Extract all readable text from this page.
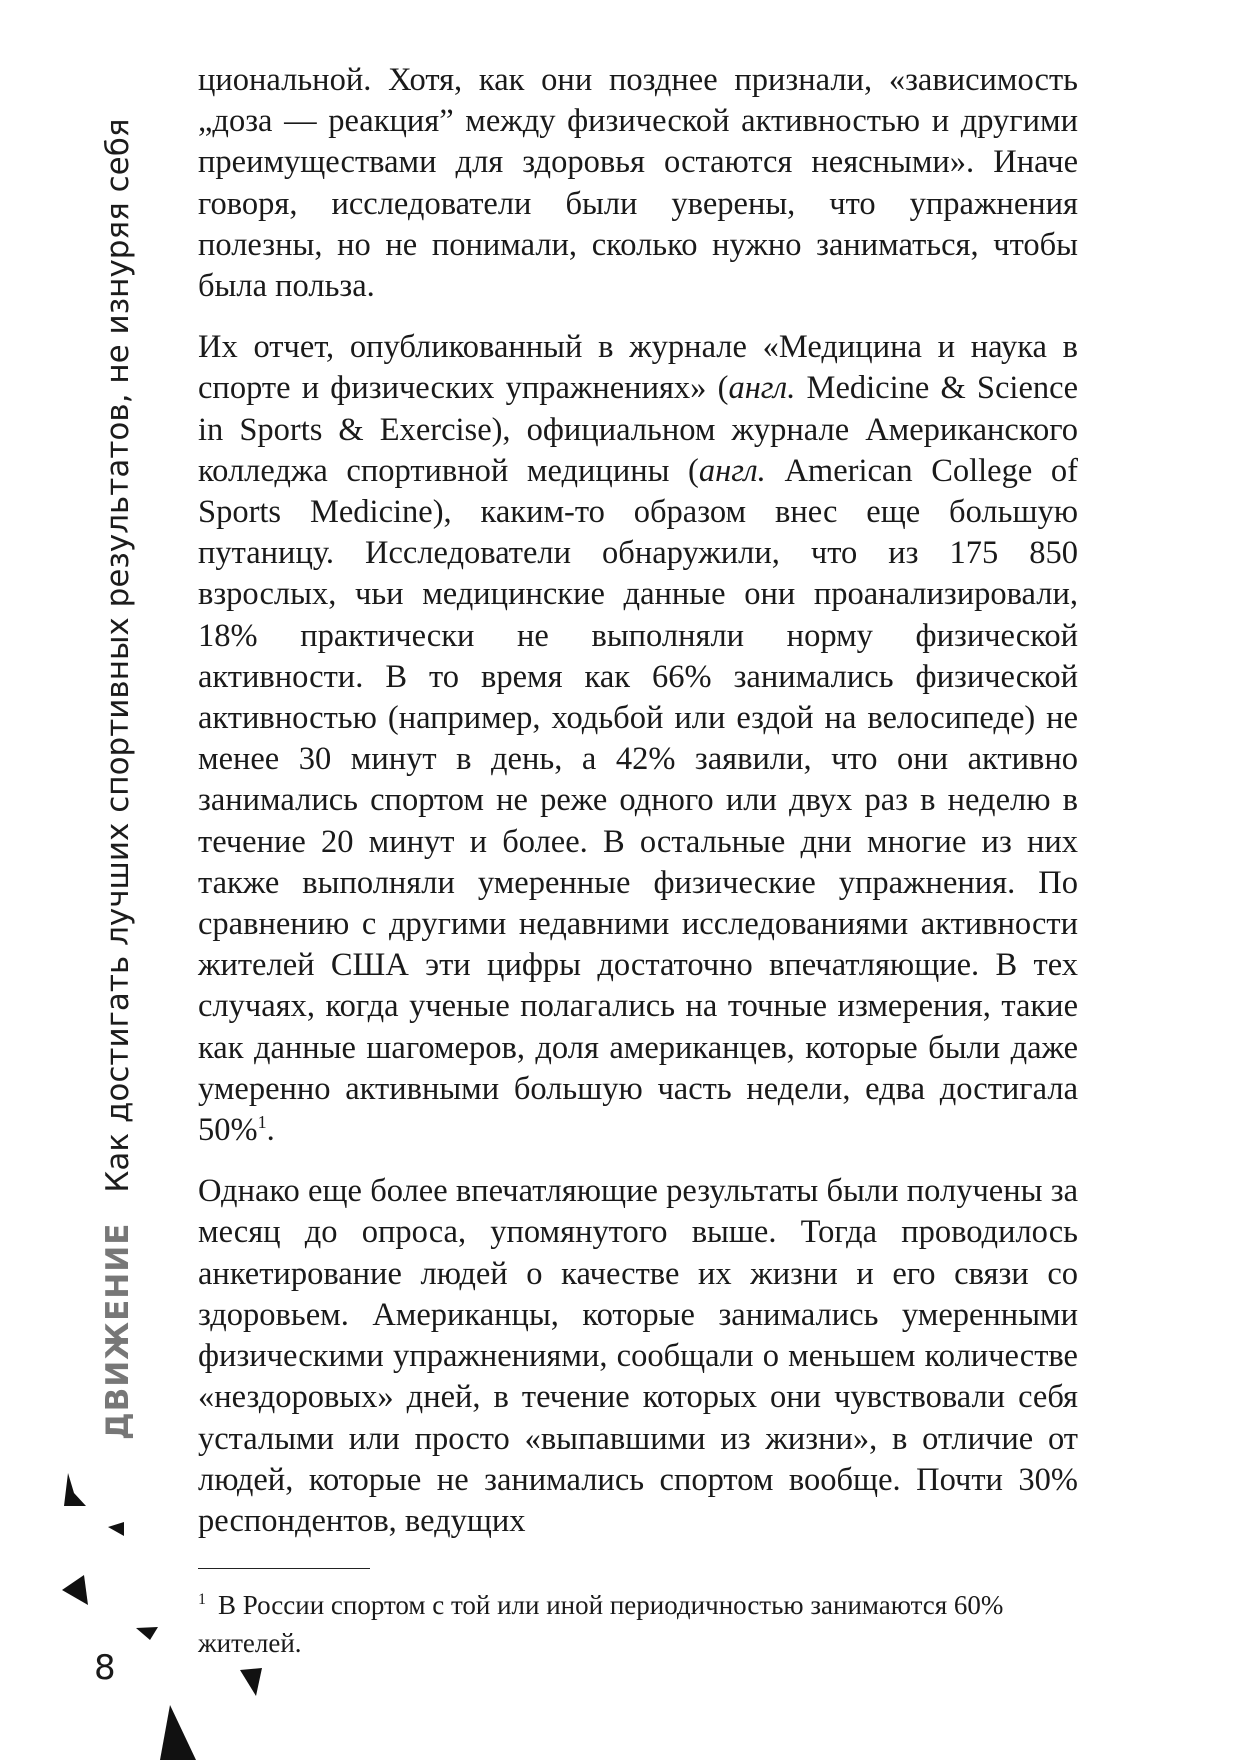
ДВИЖЕНИЕ
Как достигать лучших спортивных результатов, не изнуряя себя

циональной. Хотя, как они позднее признали, «зависимость „доза — реакция” между физической активностью и другими преимуществами для здоровья остаются неясными». Иначе говоря, исследователи были уверены, что упражнения полезны, но не понимали, сколько нужно заниматься, чтобы была польза.

Их отчет, опубликованный в журнале «Медицина и наука в спорте и физических упражнениях» (англ. Medicine & Science in Sports & Exercise), официальном журнале Американского колледжа спортивной медицины (англ. American College of Sports Medicine), каким-то образом внес еще большую путаницу. Исследователи обнаружили, что из 175 850 взрослых, чьи медицинские данные они проанализировали, 18% практически не выполняли норму физической активности. В то время как 66% занимались физической активностью (например, ходьбой или ездой на велосипеде) не менее 30 минут в день, а 42% заявили, что они активно занимались спортом не реже одного или двух раз в неделю в течение 20 минут и более. В остальные дни многие из них также выполняли умеренные физические упражнения. По сравнению с другими недавними исследованиями активности жителей США эти цифры достаточно впечатляющие. В тех случаях, когда ученые полагались на точные измерения, такие как данные шагомеров, доля американцев, которые были даже умеренно активными большую часть недели, едва достигала 50%$^1$.

Однако еще более впечатляющие результаты были получены за месяц до опроса, упомянутого выше. Тогда проводилось анкетирование людей о качестве их жизни и его связи со здоровьем. Американцы, которые занимались умеренными физическими упражнениями, сообщали о меньшем количестве «нездоровых» дней, в течение которых они чувствовали себя усталыми или просто «выпавшими из жизни», в отличие от людей, которые не занимались спортом вообще. Почти 30% респондентов, ведущих

$^1$ В России спортом с той или иной периодичностью занимаются 60% жителей.
8
